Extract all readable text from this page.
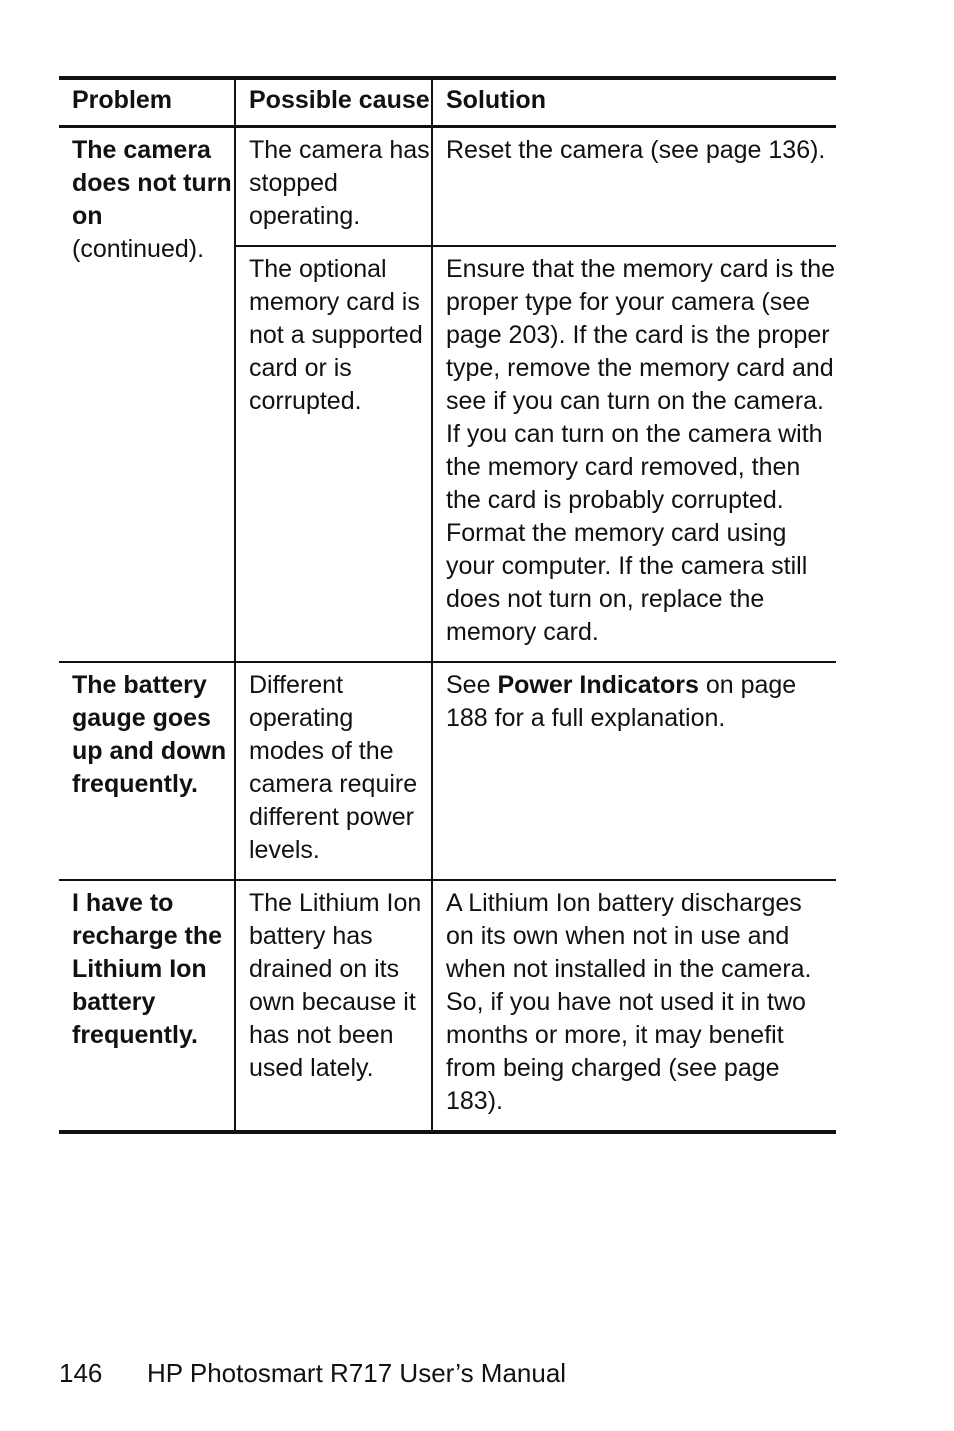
Problem	Possible cause	Solution

The camera does not turn on
(continued).	The camera has stopped operating.	Reset the camera (see page 136).

	The optional memory card is not a supported card or is corrupted.	Ensure that the memory card is the proper type for your camera (see page 203). If the card is the proper type, remove the memory card and see if you can turn on the camera. If you can turn on the camera with the memory card removed, then the card is probably corrupted. Format the memory card using your computer. If the camera still does not turn on, replace the memory card.

The battery gauge goes up and down frequently.	Different operating modes of the camera require different power levels.	See Power Indicators on page 188 for a full explanation.

I have to recharge the Lithium Ion battery frequently.	The Lithium Ion battery has drained on its own because it has not been used lately.	A Lithium Ion battery discharges on its own when not in use and when not installed in the camera. So, if you have not used it in two months or more, it may benefit from being charged (see page 183).
146 HP Photosmart R717 User’s Manual
